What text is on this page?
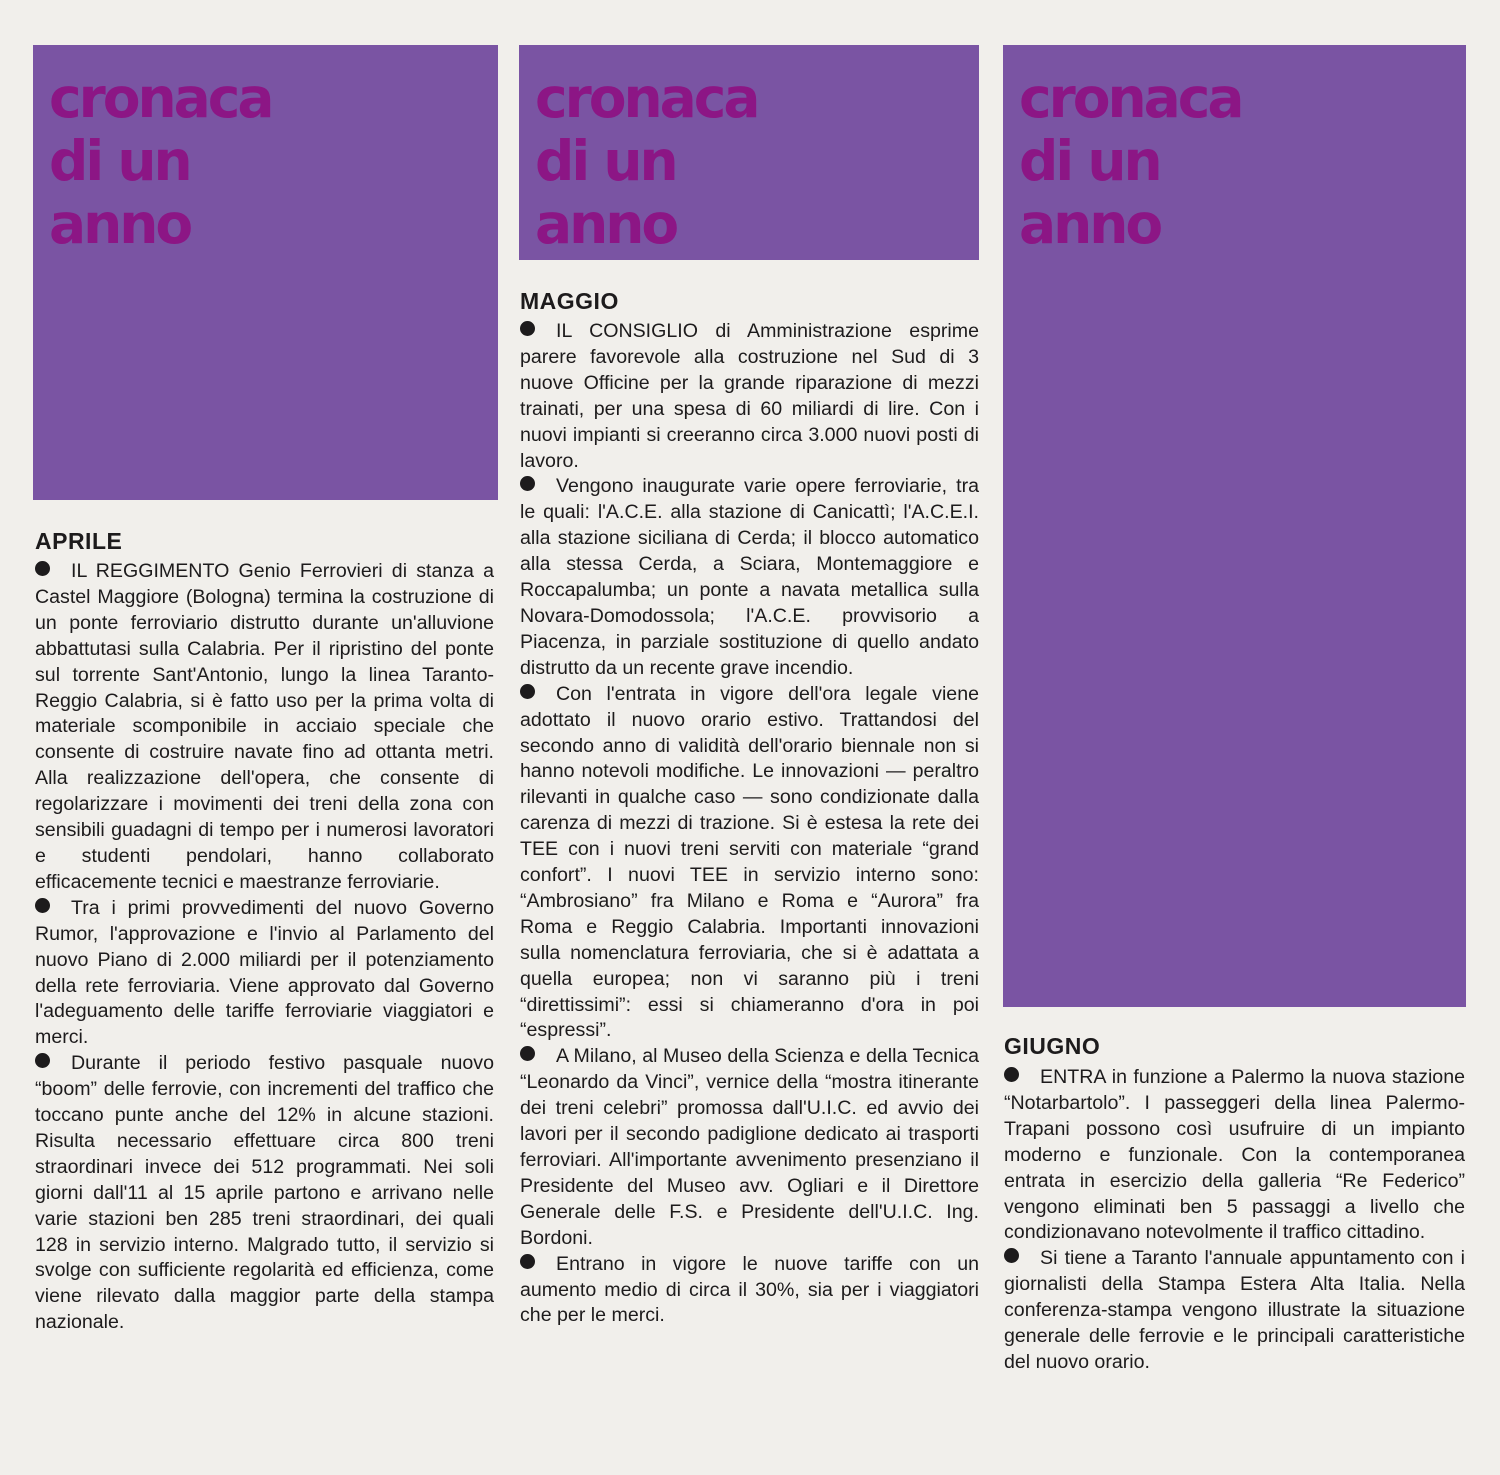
cronaca
di un
anno
APRILE

IL REGGIMENTO Genio Ferrovieri di stanza a Castel Maggiore (Bologna) termina la costruzione di un ponte ferroviario distrutto durante un'alluvione abbattutasi sulla Calabria. Per il ripristino del ponte sul torrente Sant'Antonio, lungo la linea Taranto-Reggio Calabria, si è fatto uso per la prima volta di materiale scomponibile in acciaio speciale che consente di costruire navate fino ad ottanta metri. Alla realizzazione dell'opera, che consente di regolarizzare i movimenti dei treni della zona con sensibili guadagni di tempo per i numerosi lavoratori e studenti pendolari, hanno collaborato efficacemente tecnici e maestranze ferroviarie.

Tra i primi provvedimenti del nuovo Governo Rumor, l'approvazione e l'invio al Parlamento del nuovo Piano di 2.000 miliardi per il potenziamento della rete ferroviaria. Viene approvato dal Governo l'adeguamento delle tariffe ferroviarie viaggiatori e merci.

Durante il periodo festivo pasquale nuovo “boom” delle ferrovie, con incrementi del traffico che toccano punte anche del 12% in alcune stazioni. Risulta necessario effettuare circa 800 treni straordinari invece dei 512 programmati. Nei soli giorni dall'11 al 15 aprile partono e arrivano nelle varie stazioni ben 285 treni straordinari, dei quali 128 in servizio interno. Malgrado tutto, il servizio si svolge con sufficiente regolarità ed efficienza, come viene rilevato dalla maggior parte della stampa nazionale.

cronaca
di un
anno
MAGGIO

IL CONSIGLIO di Amministrazione esprime parere favorevole alla costruzione nel Sud di 3 nuove Officine per la grande riparazione di mezzi trainati, per una spesa di 60 miliardi di lire. Con i nuovi impianti si creeranno circa 3.000 nuovi posti di lavoro.

Vengono inaugurate varie opere ferroviarie, tra le quali: l'A.C.E. alla stazione di Canicattì; l'A.C.E.I. alla stazione siciliana di Cerda; il blocco automatico alla stessa Cerda, a Sciara, Montemaggiore e Roccapalumba; un ponte a navata metallica sulla Novara-Domodossola; l'A.C.E. provvisorio a Piacenza, in parziale sostituzione di quello andato distrutto da un recente grave incendio.

Con l'entrata in vigore dell'ora legale viene adottato il nuovo orario estivo. Trattandosi del secondo anno di validità dell'orario biennale non si hanno notevoli modifiche. Le innovazioni — peraltro rilevanti in qualche caso — sono condizionate dalla carenza di mezzi di trazione. Si è estesa la rete dei TEE con i nuovi treni serviti con materiale “grand confort”. I nuovi TEE in servizio interno sono: “Ambrosiano” fra Milano e Roma e “Aurora” fra Roma e Reggio Calabria. Importanti innovazioni sulla nomenclatura ferroviaria, che si è adattata a quella europea; non vi saranno più i treni “direttissimi”: essi si chiameranno d'ora in poi “espressi”.

A Milano, al Museo della Scienza e della Tecnica “Leonardo da Vinci”, vernice della “mostra itinerante dei treni celebri” promossa dall'U.I.C. ed avvio dei lavori per il secondo padiglione dedicato ai trasporti ferroviari. All'importante avvenimento presenziano il Presidente del Museo avv. Ogliari e il Direttore Generale delle F.S. e Presidente dell'U.I.C. Ing. Bordoni.

Entrano in vigore le nuove tariffe con un aumento medio di circa il 30%, sia per i viaggiatori che per le merci.

cronaca
di un
anno
GIUGNO

ENTRA in funzione a Palermo la nuova stazione “Notarbartolo”. I passeggeri della linea Palermo-Trapani possono così usufruire di un impianto moderno e funzionale. Con la contemporanea entrata in esercizio della galleria “Re Federico” vengono eliminati ben 5 passaggi a livello che condizionavano notevolmente il traffico cittadino.

Si tiene a Taranto l'annuale appuntamento con i giornalisti della Stampa Estera Alta Italia. Nella conferenza-stampa vengono illustrate la situazione generale delle ferrovie e le principali caratteristiche del nuovo orario.
